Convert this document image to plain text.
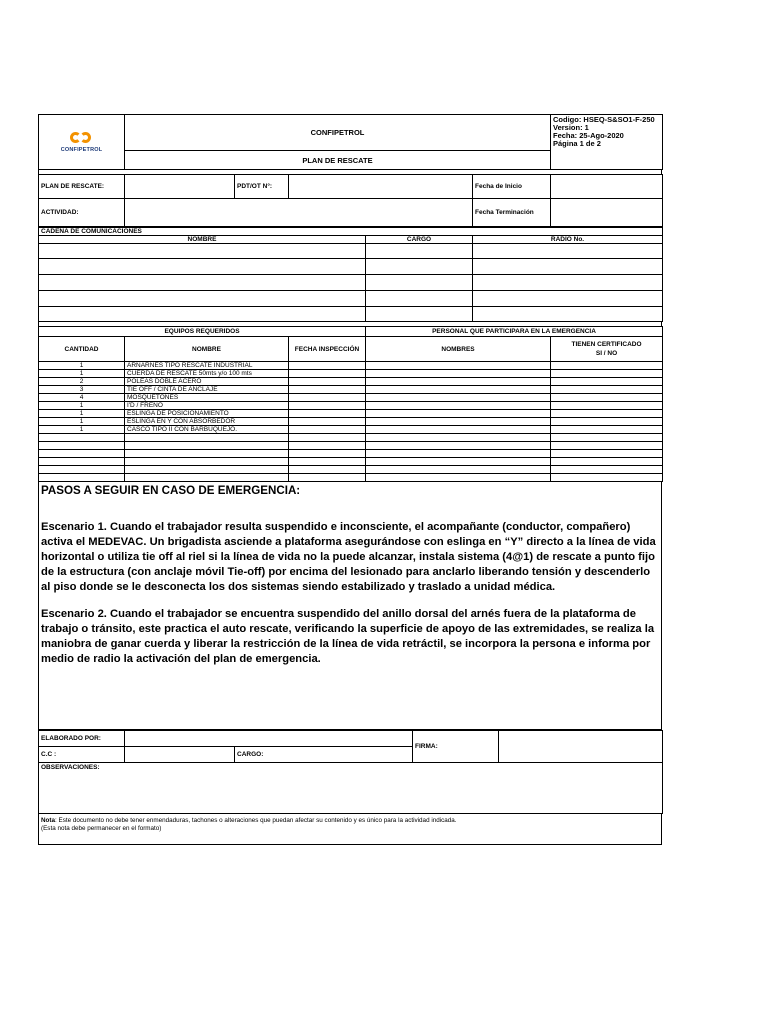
CONFIPETROL
	CONFIPETROL	
Codigo: HSEQ-S&SO1-F-250
Version: 1
Fecha: 25-Ago-2020
Página 1 de 2

PLAN DE RESCATE
PLAN DE RESCATE:		PDT/OT N°:		Fecha de Inicio	
ACTIVIDAD:				Fecha Terminación	
CADENA DE COMUNICACIONES		
NOMBRE	CARGO	RADIO No.

EQUIPOS REQUERIDOS			PERSONAL QUE PARTICIPARA EN LA EMERGENCIA	
CANTIDAD	NOMBRE	FECHA INSPECCIÓN	NOMBRES	TIENEN CERTIFICADO
SI / NO

1	ARNARNES TIPO RESCATE INDUSTRIAL			
1	CUERDA DE RESCATE 50mts y/o 100 mts			
2	POLEAS DOBLE ACERO			
3	TIE OFF / CINTA DE ANCLAJE			
4	MOSQUETONES			
1	I'D / FRENO			
1	ESLINGA DE POSICIONAMIENTO			
1	ESLINGA EN Y CON ABSORBEDOR			
1	CASCO TIPO II CON BARBUQUEJO.			

PASOS A SEGUIR EN CASO DE EMERGENCIA:

Escenario 1. Cuando el trabajador resulta suspendido e inconsciente, el acompañante (conductor, compañero) activa el MEDEVAC. Un brigadista asciende a plataforma asegurándose con eslinga en “Y” directo a la línea de vida horizontal o utiliza tie off al riel si la línea de vida no la puede alcanzar, instala sistema (4@1) de rescate a punto fijo de la estructura (con anclaje móvil Tie-off) por encima del lesionado para anclarlo liberando tensión y descenderlo al piso donde se le desconecta los dos sistemas siendo estabilizado y traslado a unidad médica.

Escenario 2. Cuando el trabajador se encuentra suspendido del anillo dorsal del arnés fuera de la plataforma de trabajo o tránsito, este practica el auto rescate, verificando la superficie de apoyo de las extremidades, se realiza la maniobra de ganar cuerda y liberar la restricción de la línea de vida retráctil, se incorpora la persona e informa por medio de radio la activación del plan de emergencia.

ELABORADO POR:			FIRMA:	
C.C :		CARGO:		
OBSERVACIONES:				
Nota: Este documento no debe tener enmendaduras, tachones o alteraciones que puedan afectar su contenido y es único para la actividad indicada.
(Esta nota debe permanecer en el formato)
